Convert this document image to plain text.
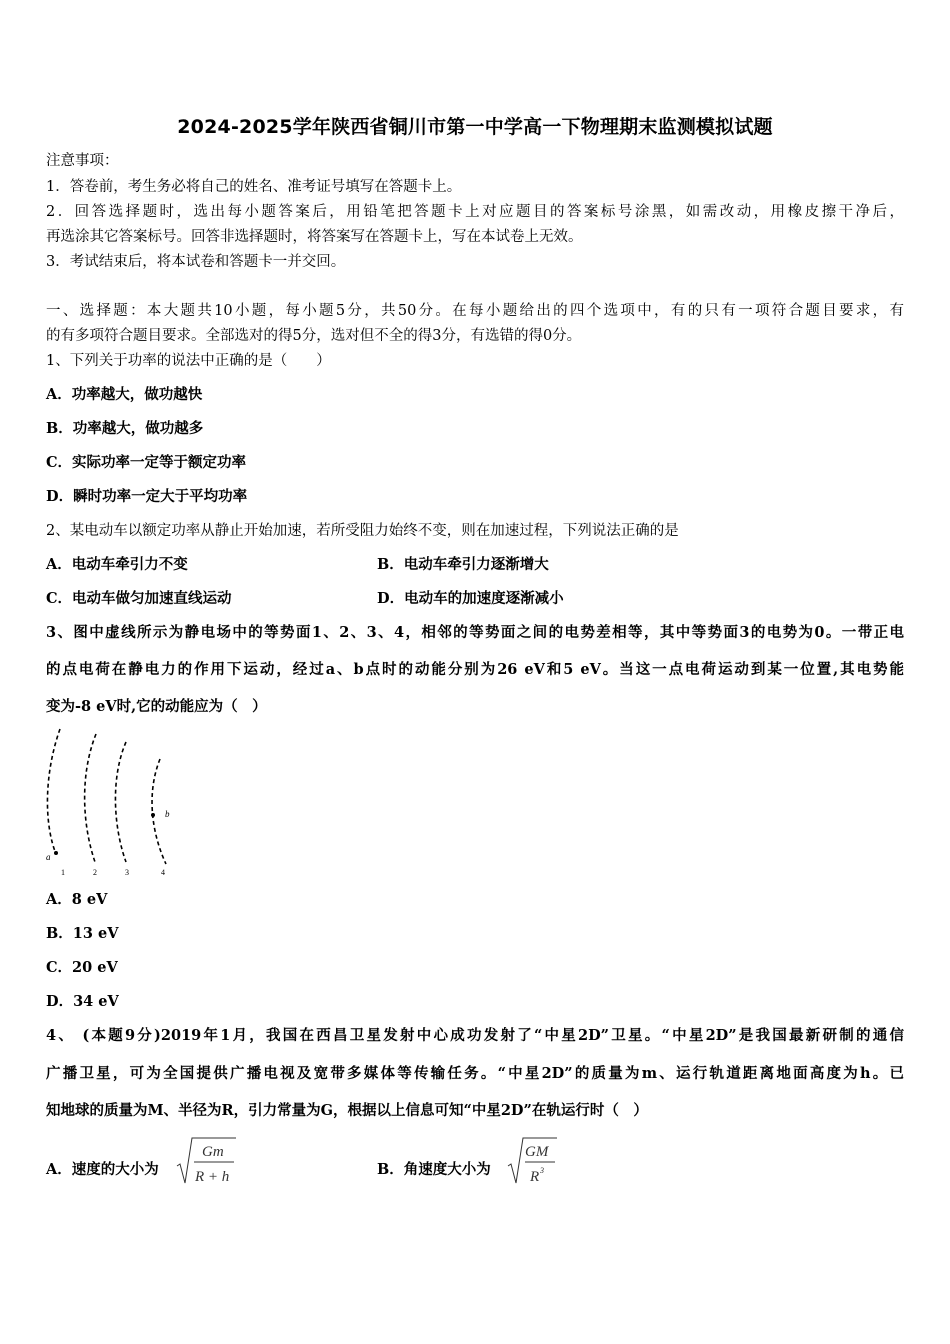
2024-2025学年陕西省铜川市第一中学高一下物理期末监测模拟试题
注意事项：
1．答卷前，考生务必将自己的姓名、准考证号填写在答题卡上。
2．回答选择题时，选出每小题答案后，用铅笔把答题卡上对应题目的答案标号涂黑，如需改动，用橡皮擦干净后，
再选涂其它答案标号。回答非选择题时，将答案写在答题卡上，写在本试卷上无效。
3．考试结束后，将本试卷和答题卡一并交回。
一、选择题：本大题共10小题，每小题5分，共50分。在每小题给出的四个选项中，有的只有一项符合题目要求，有
的有多项符合题目要求。全部选对的得5分，选对但不全的得3分，有选错的得0分。
1、下列关于功率的说法中正确的是（　　）
A．功率越大，做功越快
B．功率越大，做功越多
C．实际功率一定等于额定功率
D．瞬时功率一定大于平均功率
2、某电动车以额定功率从静止开始加速，若所受阻力始终不变，则在加速过程，下列说法正确的是
A．电动车牵引力不变	B．电动车牵引力逐渐增大
C．电动车做匀加速直线运动	D．电动车的加速度逐渐减小
3、图中虚线所示为静电场中的等势面1、2、3、4，相邻的等势面之间的电势差相等，其中等势面3的电势为0。一带正电
的点电荷在静电力的作用下运动，经过a、b点时的动能分别为26 eV和5 eV。当这一点电荷运动到某一位置,其电势能
变为-8 eV时,它的动能应为（　）
a
b
1	2	3	4
A．8 eV
B．13 eV
C．20 eV
D．34 eV
4、 (本题9分)2019年1月，我国在西昌卫星发射中心成功发射了“中星2D”卫星。“中星2D”是我国最新研制的通信
广播卫星，可为全国提供广播电视及宽带多媒体等传输任务。“中星2D”的质量为m、运行轨道距离地面高度为h。已
知地球的质量为M、半径为R，引力常量为G，根据以上信息可知“中星2D”在轨运行时（　）
A．速度的大小为
Gm
R + h	B．角速度大小为
GM
R 3
